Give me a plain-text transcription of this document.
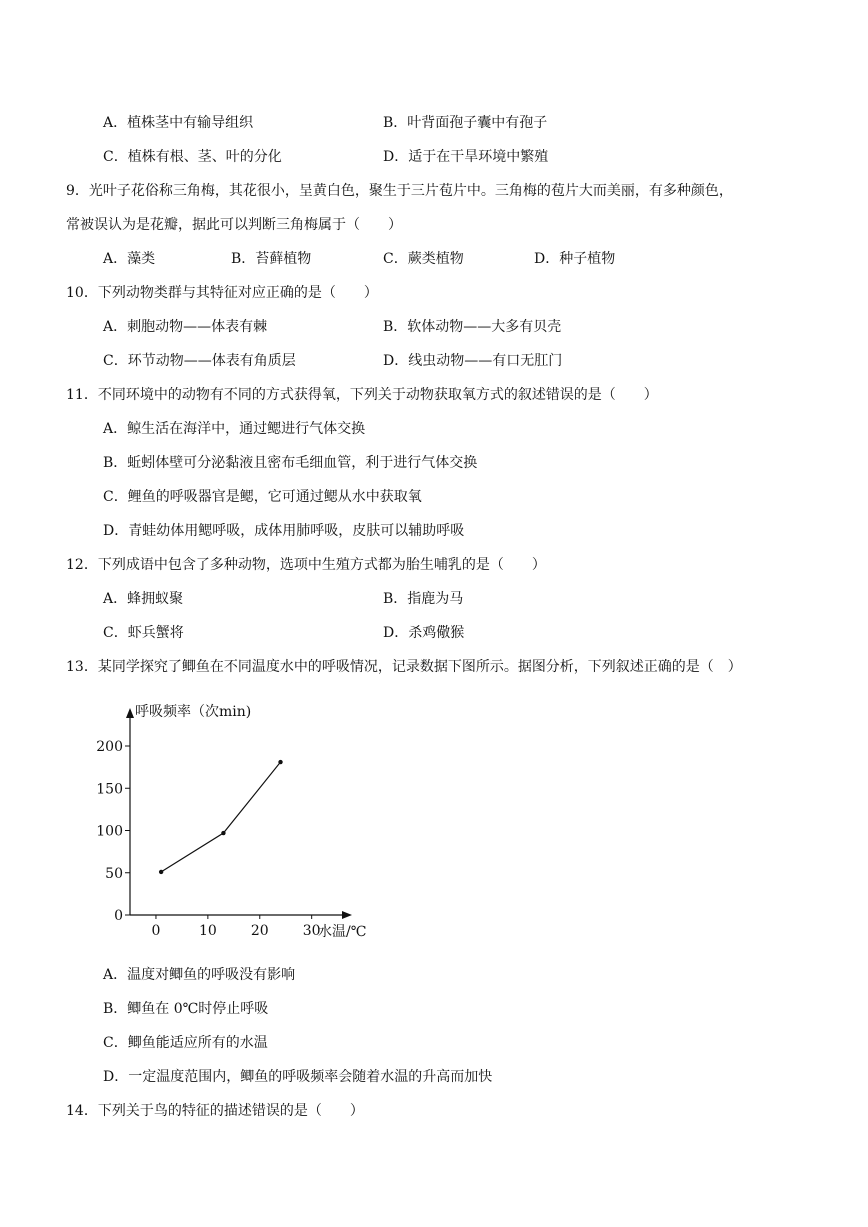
A．植株茎中有输导组织	B．叶背面孢子囊中有孢子
C．植株有根、茎、叶的分化	D．适于在干旱环境中繁殖
9．光叶子花俗称三角梅，其花很小，呈黄白色，聚生于三片苞片中。三角梅的苞片大而美丽，有多种颜色，
常被误认为是花瓣，据此可以判断三角梅属于（　　）
A．藻类	B．苔藓植物	C．蕨类植物	D．种子植物
10．下列动物类群与其特征对应正确的是（　　）
A．刺胞动物——体表有棘	B．软体动物——大多有贝壳
C．环节动物——体表有角质层	D．线虫动物——有口无肛门
11．不同环境中的动物有不同的方式获得氧，下列关于动物获取氧方式的叙述错误的是（　　）
A．鲸生活在海洋中，通过鳃进行气体交换
B．蚯蚓体壁可分泌黏液且密布毛细血管，利于进行气体交换
C．鲤鱼的呼吸器官是鳃，它可通过鳃从水中获取氧
D．青蛙幼体用鳃呼吸，成体用肺呼吸，皮肤可以辅助呼吸
12．下列成语中包含了多种动物，选项中生殖方式都为胎生哺乳的是（　　）
A．蜂拥蚁聚	B．指鹿为马
C．虾兵蟹将	D．杀鸡儆猴
13．某同学探究了鲫鱼在不同温度水中的呼吸情况，记录数据下图所示。据图分析，下列叙述正确的是（　）
呼吸频率（次min)
水温/℃
0
50
100
150
200
0	10 20 30
A．温度对鲫鱼的呼吸没有影响
B．鲫鱼在 0℃时停止呼吸
C．鲫鱼能适应所有的水温
D．一定温度范围内，鲫鱼的呼吸频率会随着水温的升高而加快
14．下列关于鸟的特征的描述错误的是（　　）
